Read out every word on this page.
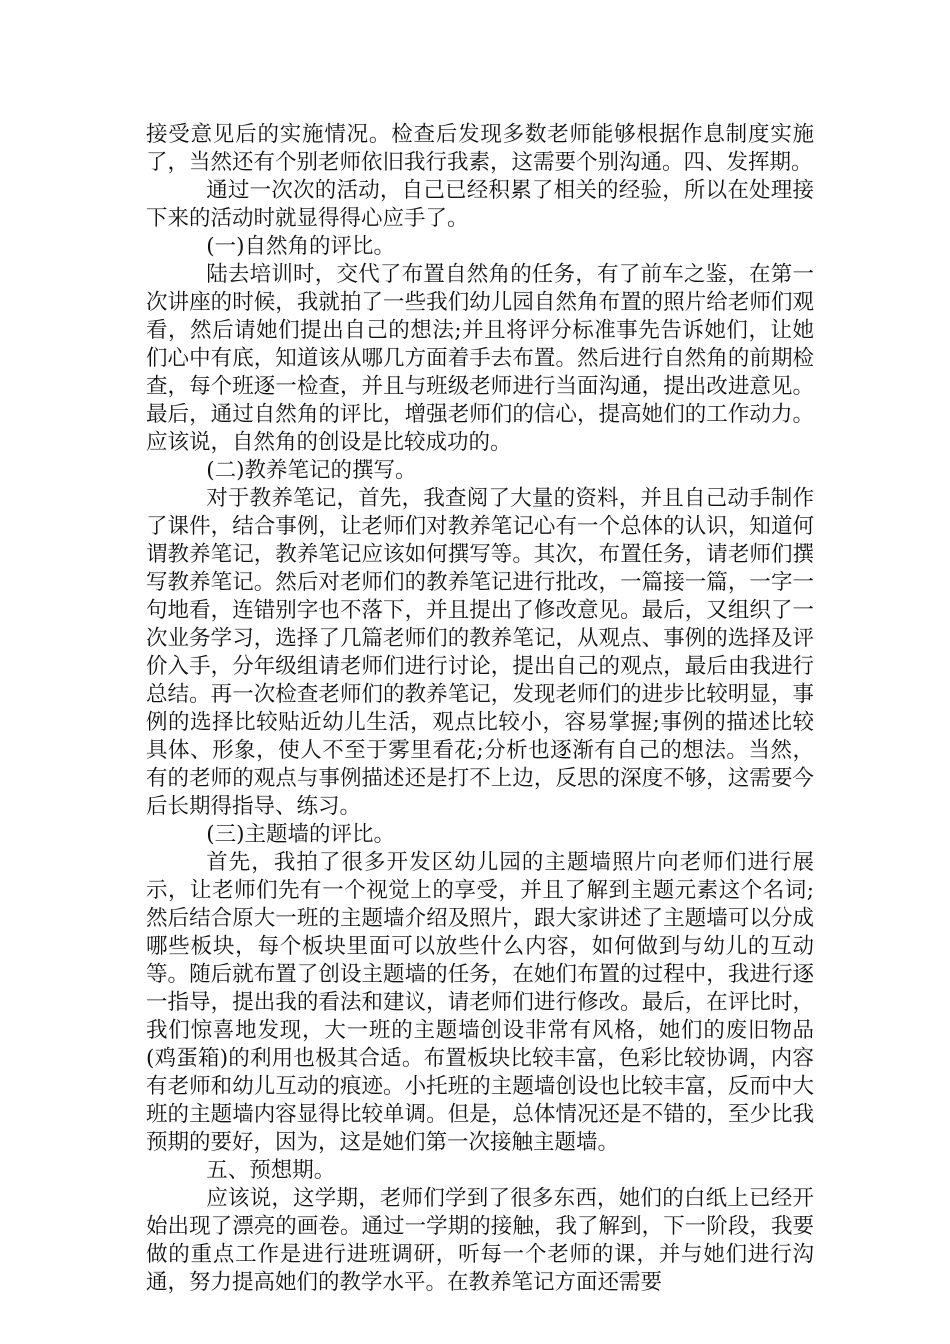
接受意见后的实施情况。检查后发现多数老师能够根据作息制度实施了，当然还有个别老师依旧我行我素，这需要个别沟通。四、发挥期。

通过一次次的活动，自己已经积累了相关的经验，所以在处理接下来的活动时就显得得心应手了。

(一)自然角的评比。

陆去培训时，交代了布置自然角的任务，有了前车之鉴，在第一次讲座的时候，我就拍了一些我们幼儿园自然角布置的照片给老师们观看，然后请她们提出自己的想法;并且将评分标准事先告诉她们，让她们心中有底，知道该从哪几方面着手去布置。然后进行自然角的前期检查，每个班逐一检查，并且与班级老师进行当面沟通，提出改进意见。最后，通过自然角的评比，增强老师们的信心，提高她们的工作动力。应该说，自然角的创设是比较成功的。

(二)教养笔记的撰写。

对于教养笔记，首先，我查阅了大量的资料，并且自己动手制作了课件，结合事例，让老师们对教养笔记心有一个总体的认识，知道何谓教养笔记，教养笔记应该如何撰写等。其次，布置任务，请老师们撰写教养笔记。然后对老师们的教养笔记进行批改，一篇接一篇，一字一句地看，连错别字也不落下，并且提出了修改意见。最后，又组织了一次业务学习，选择了几篇老师们的教养笔记，从观点、事例的选择及评价入手，分年级组请老师们进行讨论，提出自己的观点，最后由我进行总结。再一次检查老师们的教养笔记，发现老师们的进步比较明显，事例的选择比较贴近幼儿生活，观点比较小，容易掌握;事例的描述比较具体、形象，使人不至于雾里看花;分析也逐渐有自己的想法。当然，有的老师的观点与事例描述还是打不上边，反思的深度不够，这需要今后长期得指导、练习。

(三)主题墙的评比。

首先，我拍了很多开发区幼儿园的主题墙照片向老师们进行展示，让老师们先有一个视觉上的享受，并且了解到主题元素这个名词;然后结合原大一班的主题墙介绍及照片，跟大家讲述了主题墙可以分成哪些板块，每个板块里面可以放些什么内容，如何做到与幼儿的互动等。随后就布置了创设主题墙的任务，在她们布置的过程中，我进行逐一指导，提出我的看法和建议，请老师们进行修改。最后，在评比时，我们惊喜地发现，大一班的主题墙创设非常有风格，她们的废旧物品(鸡蛋箱)的利用也极其合适。布置板块比较丰富，色彩比较协调，内容有老师和幼儿互动的痕迹。小托班的主题墙创设也比较丰富，反而中大班的主题墙内容显得比较单调。但是，总体情况还是不错的，至少比我预期的要好，因为，这是她们第一次接触主题墙。

五、预想期。

应该说，这学期，老师们学到了很多东西，她们的白纸上已经开始出现了漂亮的画卷。通过一学期的接触，我了解到，下一阶段，我要做的重点工作是进行进班调研，听每一个老师的课，并与她们进行沟通，努力提高她们的教学水平。在教养笔记方面还需要
